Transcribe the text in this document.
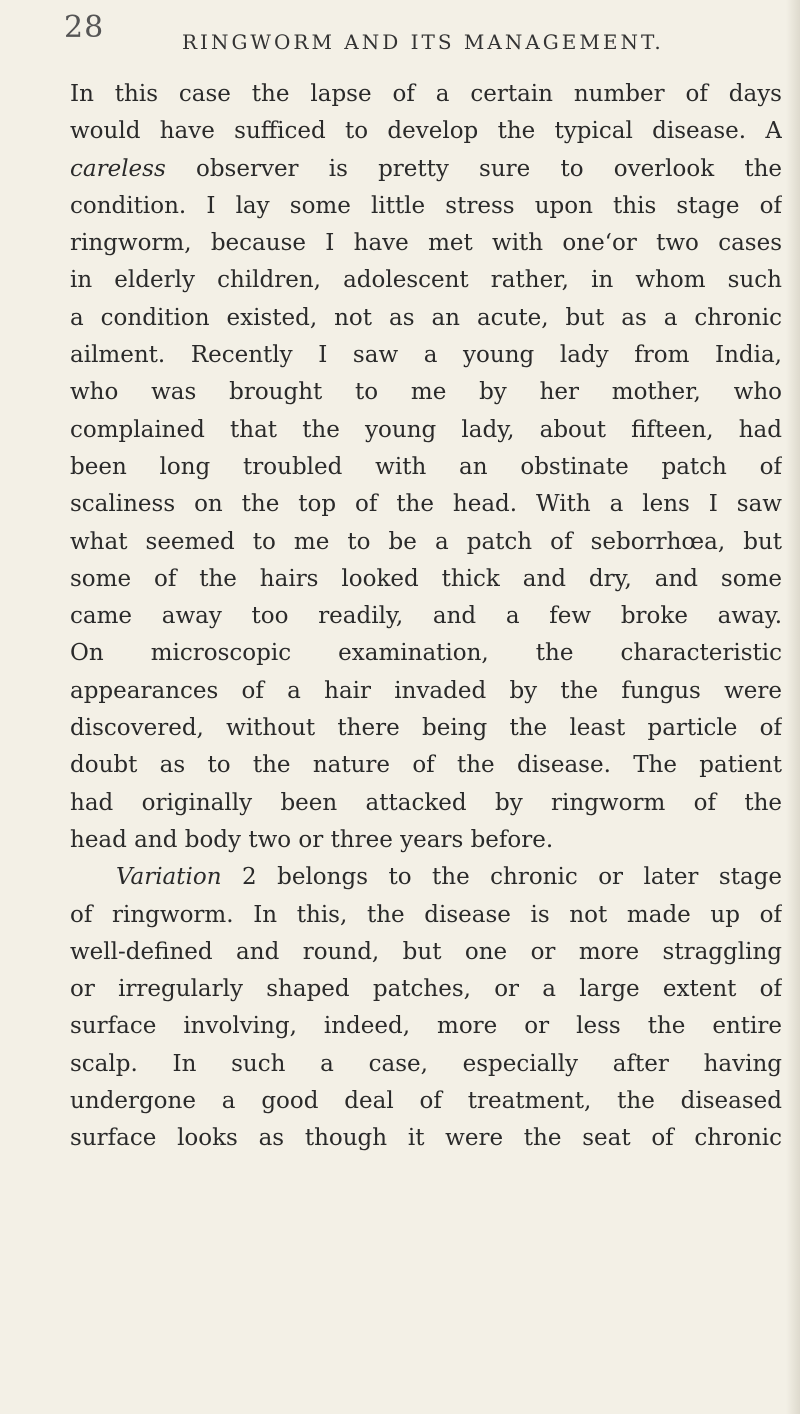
28	RINGWORM AND ITS MANAGEMENT.
In this case the lapse of a certain number of days
would have sufficed to develop the typical disease. A
careless observer is pretty sure to overlook the
condition. I lay some little stress upon this stage of
ringworm, because I have met with one‘or two cases
in elderly children, adolescent rather, in whom such
a condition existed, not as an acute, but as a chronic
ailment. Recently I saw a young lady from India,
who was brought to me by her mother, who
complained that the young lady, about fifteen, had
been long troubled with an obstinate patch of
scaliness on the top of the head. With a lens I saw
what seemed to me to be a patch of seborrhœa, but
some of the hairs looked thick and dry, and some
came away too readily, and a few broke away.
On microscopic examination, the characteristic
appearances of a hair invaded by the fungus were
discovered, without there being the least particle of
doubt as to the nature of the disease. The patient
had originally been attacked by ringworm of the
head and body two or three years before.
Variation 2 belongs to the chronic or later stage
of ringworm. In this, the disease is not made up of
well-defined and round, but one or more straggling
or irregularly shaped patches, or a large extent of
surface involving, indeed, more or less the entire
scalp. In such a case, especially after having
undergone a good deal of treatment, the diseased
surface looks as though it were the seat of chronic
